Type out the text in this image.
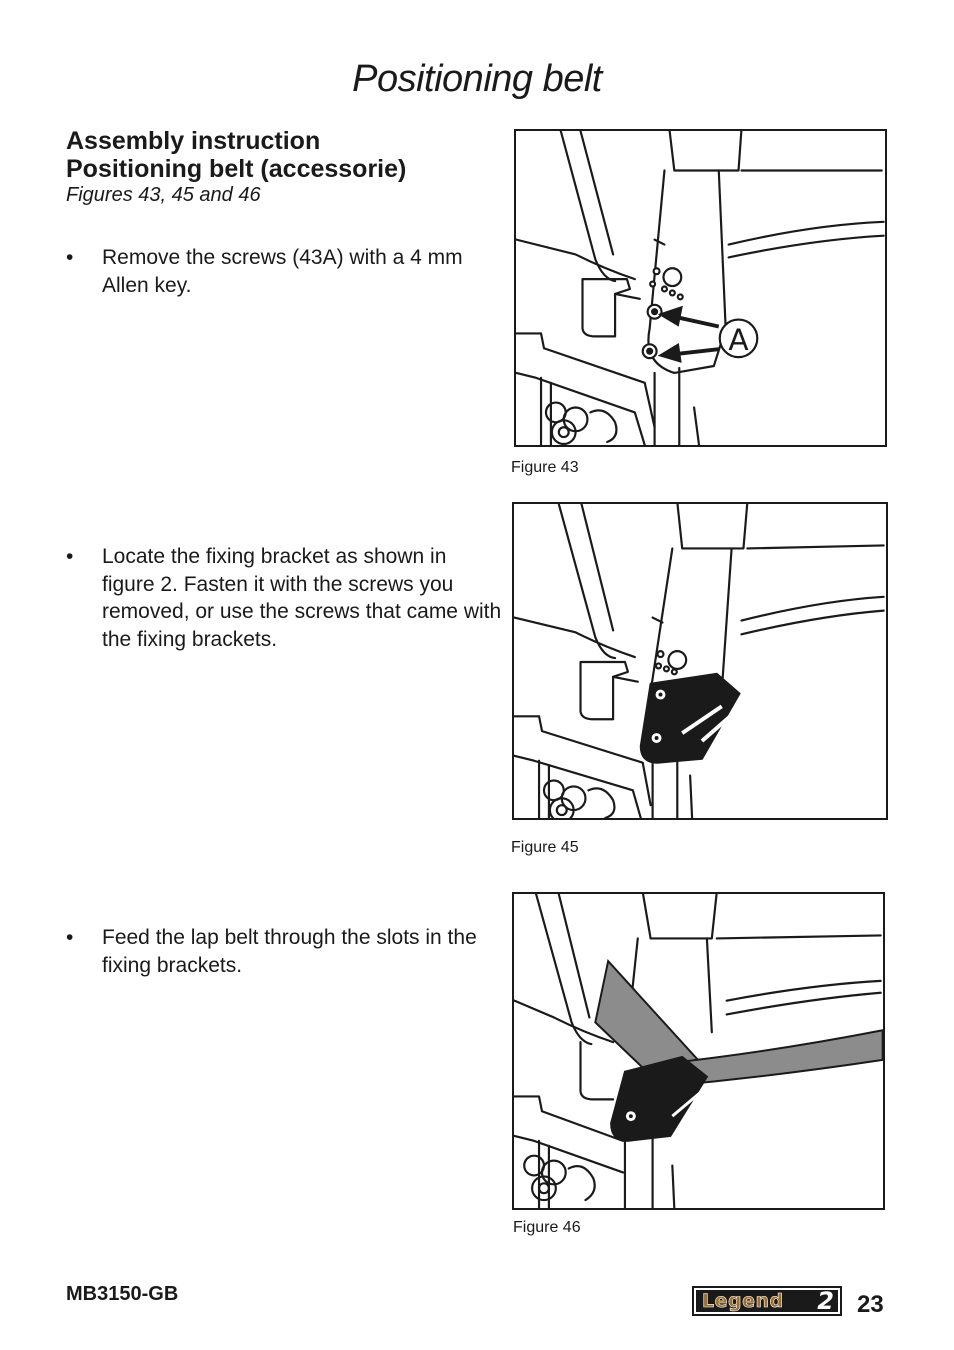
Positioning belt
Assembly instruction
Positioning belt (accessorie)
Figures 43, 45 and 46
• Remove the screws (43A) with a 4 mm Allen key.
• Locate the fixing bracket as shown in figure 2. Fasten it with the screws you removed, or use the screws that came with the fixing brackets.
• Feed the lap belt through the slots in the fixing brackets.
A
Figure 43
Figure 45
Figure 46
MB3150-GB	Legend 2 23
